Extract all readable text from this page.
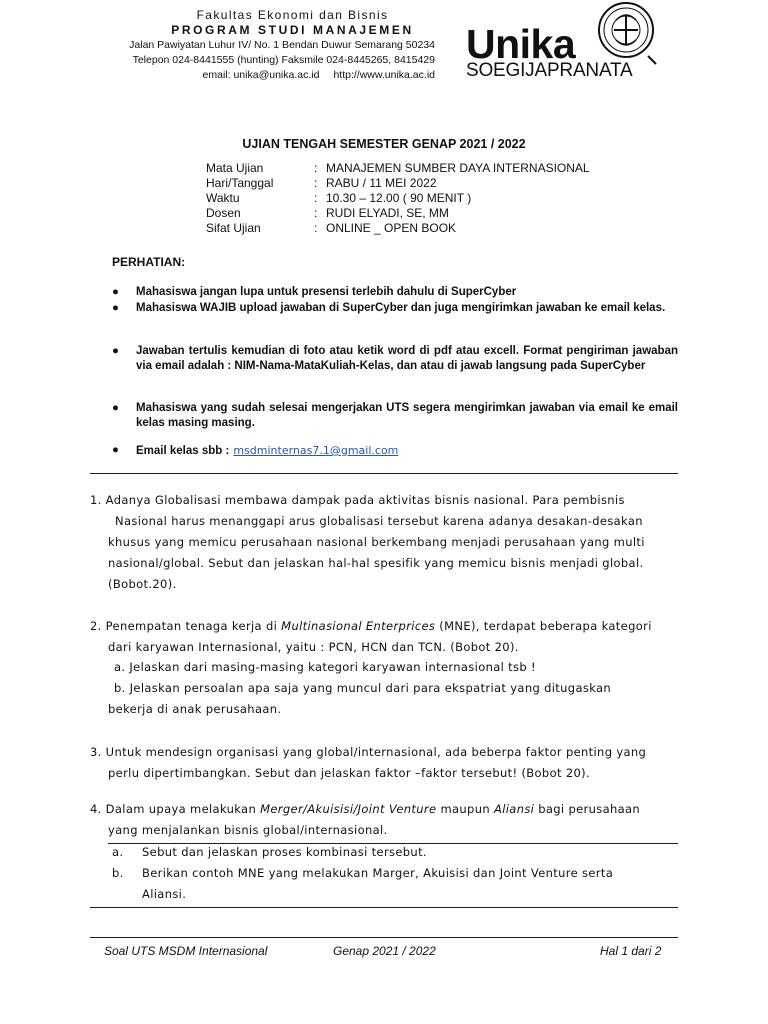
Fakultas Ekonomi dan Bisnis
PROGRAM STUDI MANAJEMEN
Jalan Pawiyatan Luhur IV/ No. 1 Bendan Duwur Semarang 50234
Telepon 024-8441555 (hunting) Faksmile 024-8445265, 8415429
email: unika@unika.ac.id http://www.unika.ac.id
Unika
SOEGIJAPRANATA
UJIAN TENGAH SEMESTER GENAP 2021 / 2022
Mata Ujian	: MANAJEMEN SUMBER DAYA INTERNASIONAL
Hari/Tanggal	: RABU / 11 MEI 2022
Waktu	: 10.30 – 12.00 ( 90 MENIT )
Dosen	: RUDI ELYADI, SE, MM
Sifat Ujian	: ONLINE _ OPEN BOOK
PERHATIAN:
● Mahasiswa jangan lupa untuk presensi terlebih dahulu di SuperCyber
● Mahasiswa WAJIB upload jawaban di SuperCyber dan juga mengirimkan jawaban ke email kelas.
● Jawaban tertulis kemudian di foto atau ketik word di pdf atau excell. Format pengiriman jawaban via email adalah : NIM-Nama-MataKuliah-Kelas, dan atau di jawab langsung pada SuperCyber
● Mahasiswa yang sudah selesai mengerjakan UTS segera mengirimkan jawaban via email ke email kelas masing masing.
● Email kelas sbb : msdminternas7.1@gmail.com
1. Adanya Globalisasi membawa dampak pada aktivitas bisnis nasional. Para pembisnis
Nasional harus menanggapi arus globalisasi tersebut karena adanya desakan-desakan
khusus yang memicu perusahaan nasional berkembang menjadi perusahaan yang multi
nasional/global. Sebut dan jelaskan hal-hal spesifik yang memicu bisnis menjadi global.
(Bobot.20).
2. Penempatan tenaga kerja di Multinasional Enterprices (MNE), terdapat beberapa kategori
dari karyawan Internasional, yaitu : PCN, HCN dan TCN. (Bobot 20).
a. Jelaskan dari masing-masing kategori karyawan internasional tsb !
b. Jelaskan persoalan apa saja yang muncul dari para ekspatriat yang ditugaskan
bekerja di anak perusahaan.
3. Untuk mendesign organisasi yang global/internasional, ada beberpa faktor penting yang
perlu dipertimbangkan. Sebut dan jelaskan faktor –faktor tersebut! (Bobot 20).
4. Dalam upaya melakukan Merger/Akuisisi/Joint Venture maupun Aliansi bagi perusahaan
yang menjalankan bisnis global/internasional.
a. Sebut dan jelaskan proses kombinasi tersebut.
b. Berikan contoh MNE yang melakukan Marger, Akuisisi dan Joint Venture serta
Aliansi.
Soal UTS MSDM Internasional	Genap 2021 / 2022	Hal 1 dari 2
